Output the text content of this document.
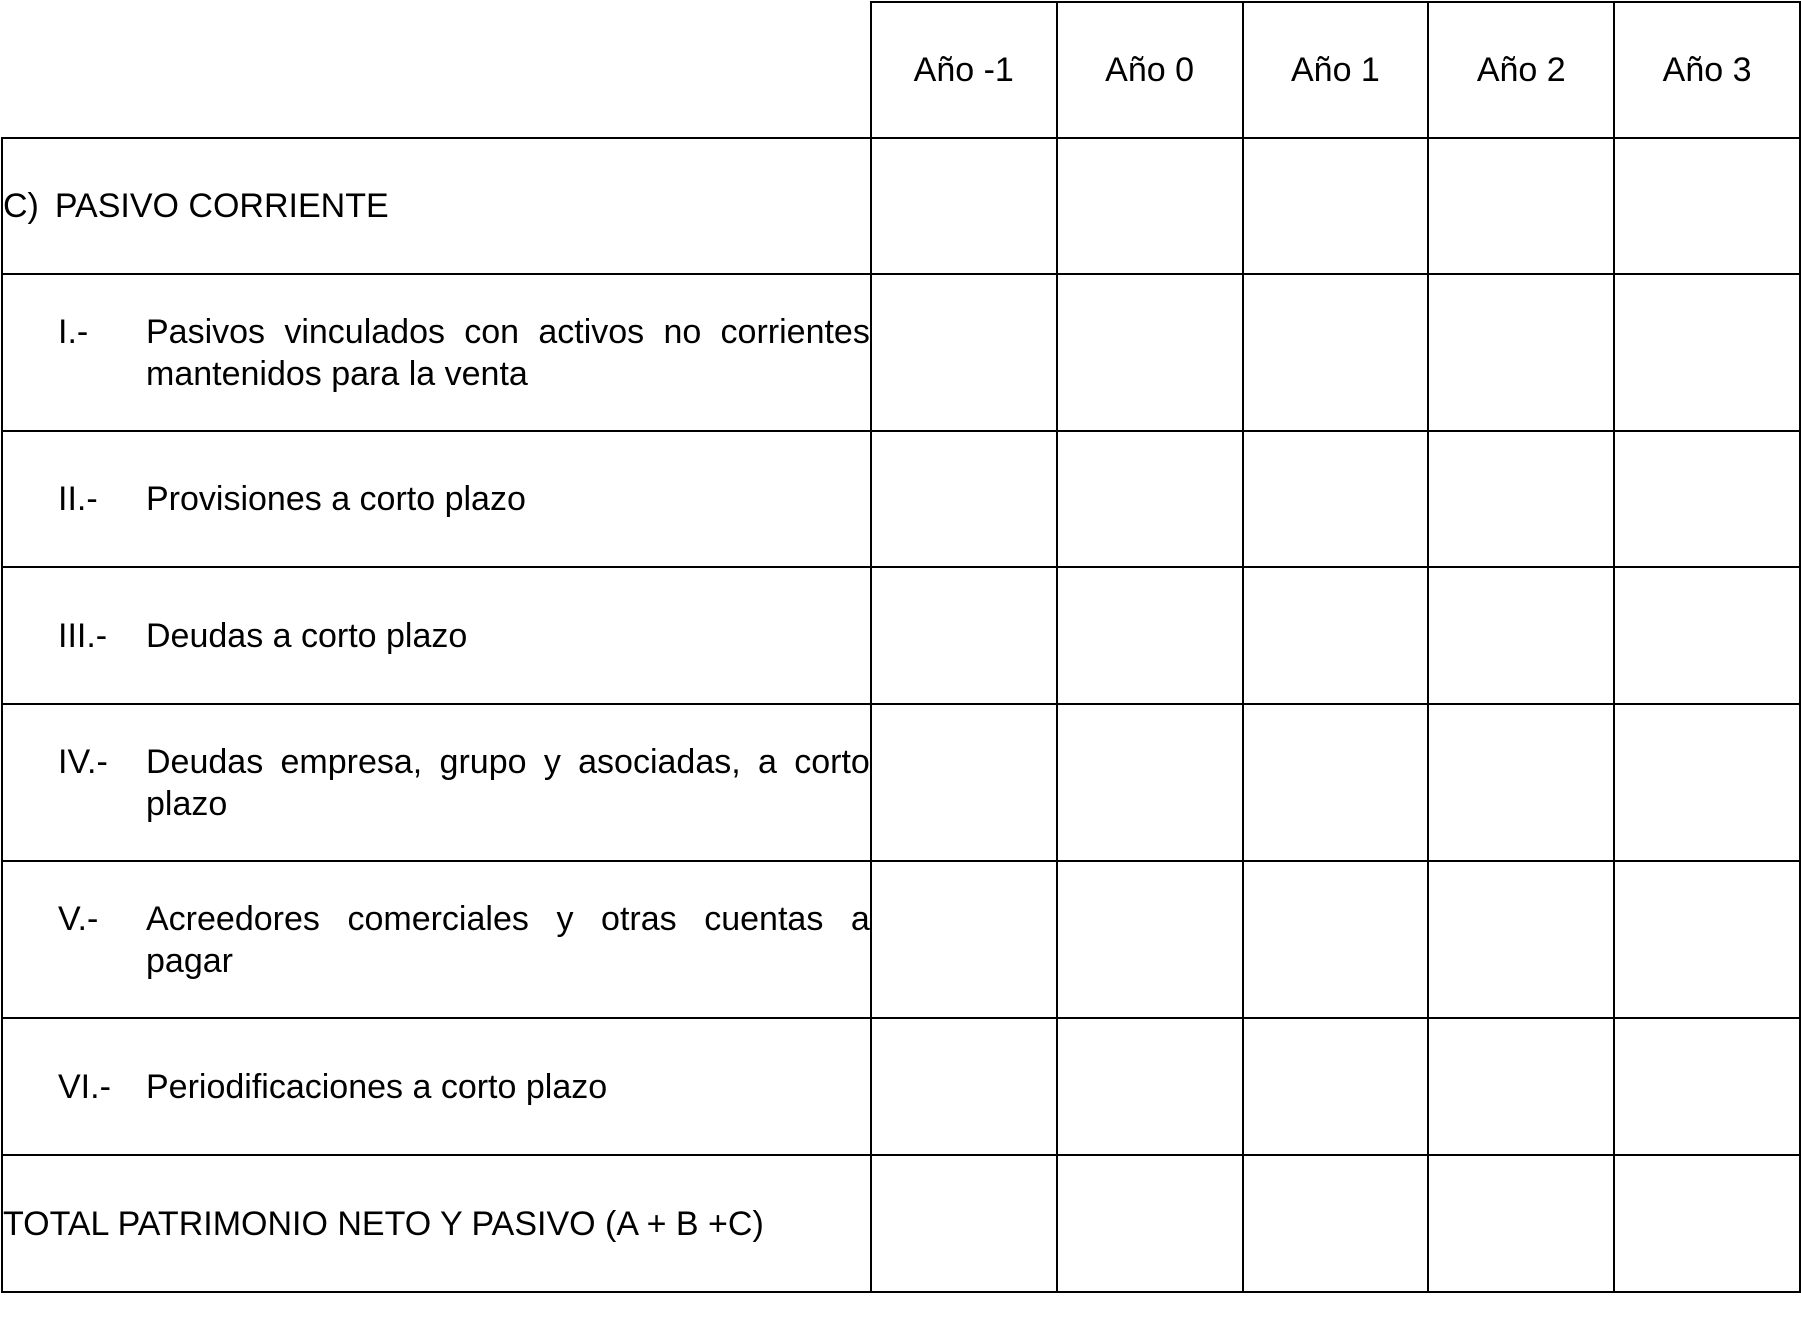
	Año -1	Año 0	Año 1	Año 2	Año 3

C) PASIVO CORRIENTE					

I.- Pasivos vinculados con activos no corrientes mantenidos para la venta					

II.- Provisiones a corto plazo					

III.- Deudas a corto plazo					

IV.- Deudas empresa, grupo y asociadas, a corto plazo					

V.- Acreedores comerciales y otras cuentas a pagar					

VI.- Periodificaciones a corto plazo					

TOTAL PATRIMONIO NETO Y PASIVO (A + B +C)					
